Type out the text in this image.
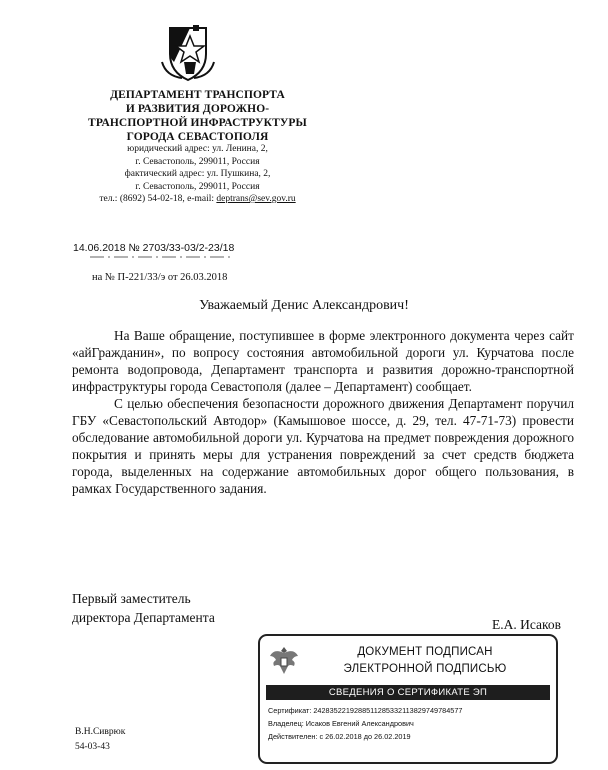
ДЕПАРТАМЕНТ ТРАНСПОРТА
И РАЗВИТИЯ ДОРОЖНО-
ТРАНСПОРТНОЙ ИНФРАСТРУКТУРЫ
ГОРОДА СЕВАСТОПОЛЯ
юридический адрес: ул. Ленина, 2,
г. Севастополь, 299011, Россия
фактический адрес: ул. Пушкина, 2,
г. Севастополь, 299011, Россия
тел.: (8692) 54-02-18, e-mail: deptrans@sev.gov.ru
14.06.2018 № 2703/33-03/2-23/18
на № П-221/33/э от 26.03.2018
Уважаемый Денис Александрович!

На Ваше обращение, поступившее в форме электронного документа через сайт «айГражданин», по вопросу состояния автомобильной дороги ул. Курчатова после ремонта водопровода, Департамент транспорта и развития дорожно-транспортной инфраструктуры города Севастополя (далее – Департамент) сообщает.

С целью обеспечения безопасности дорожного движения Департамент поручил ГБУ «Севастопольский Автодор» (Камышовое шоссе, д. 29, тел. 47-71-73) провести обследование автомобильной дороги ул. Курчатова на предмет повреждения дорожного покрытия и принять меры для устранения повреждений за счет средств бюджета города, выделенных на содержание автомобильных дорог общего пользования, в рамках Государственного задания.

Первый заместитель
директора Департамента	Е.А. Исаков
ДОКУМЕНТ ПОДПИСАН
ЭЛЕКТРОННОЙ ПОДПИСЬЮ
СВЕДЕНИЯ О СЕРТИФИКАТЕ ЭП
Сертификат: 242835221928851128533211382974978457​7
Владелец: Исаков Евгений Александрович
Действителен: с 26.02.2018 до 26.02.2019
В.Н.Сиврюк
54-03-43
